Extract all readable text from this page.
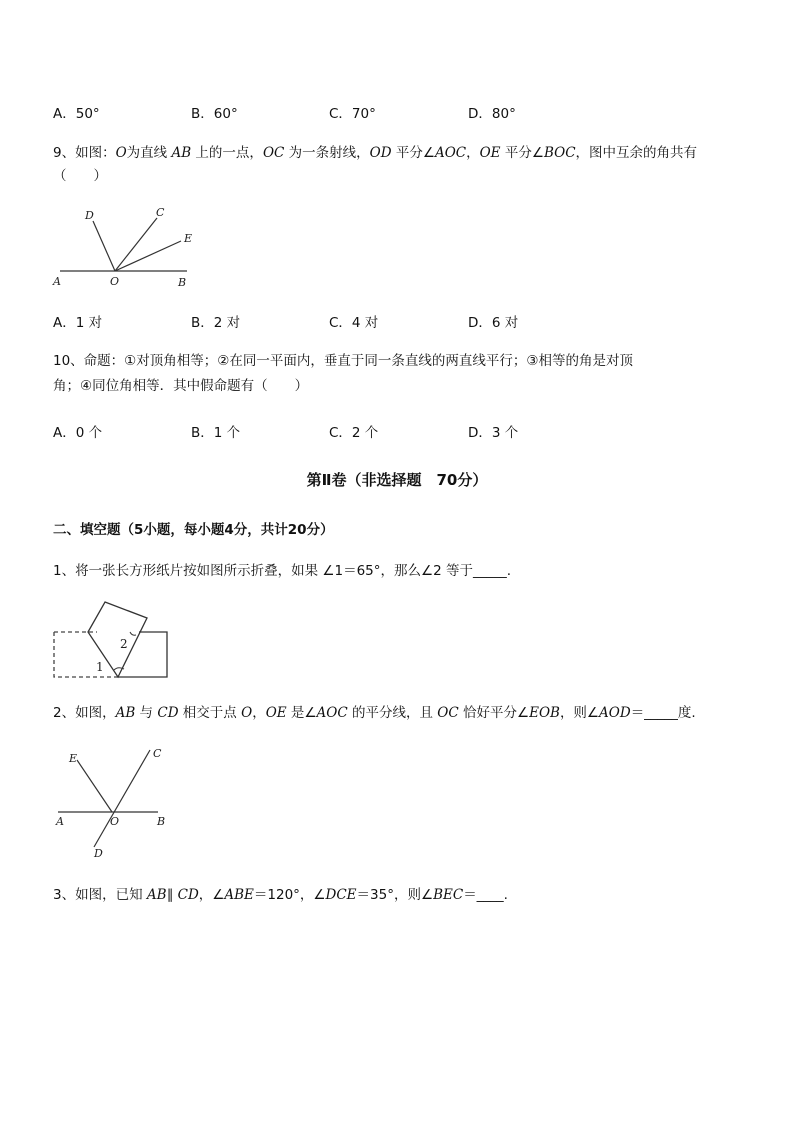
A．50°	B．60°	C．70°	D．80°
9、如图：O为直线 AB 上的一点，OC 为一条射线，OD 平分∠AOC，OE 平分∠BOC，图中互余的角共有
（　　）
D	C
E
A	O	B
A．1 对	B．2 对	C．4 对	D．6 对
10、命题：①对顶角相等；②在同一平面内，垂直于同一条直线的两直线平行；③相等的角是对顶
角；④同位角相等．其中假命题有（　　）
A．0 个	B．1 个	C．2 个	D．3 个
第Ⅱ卷（非选择题　70分）
二、填空题（5小题，每小题4分，共计20分）
1、将一张长方形纸片按如图所示折叠，如果 ∠1＝65°，那么∠2 等于_____.
1
2
2、如图，AB 与 CD 相交于点 O，OE 是∠AOC 的平分线，且 OC 恰好平分∠EOB，则∠AOD＝_____度.
E	C
A	O	B
D
3、如图，已知 AB∥ CD，∠ABE＝120°，∠DCE＝35°，则∠BEC＝____.
